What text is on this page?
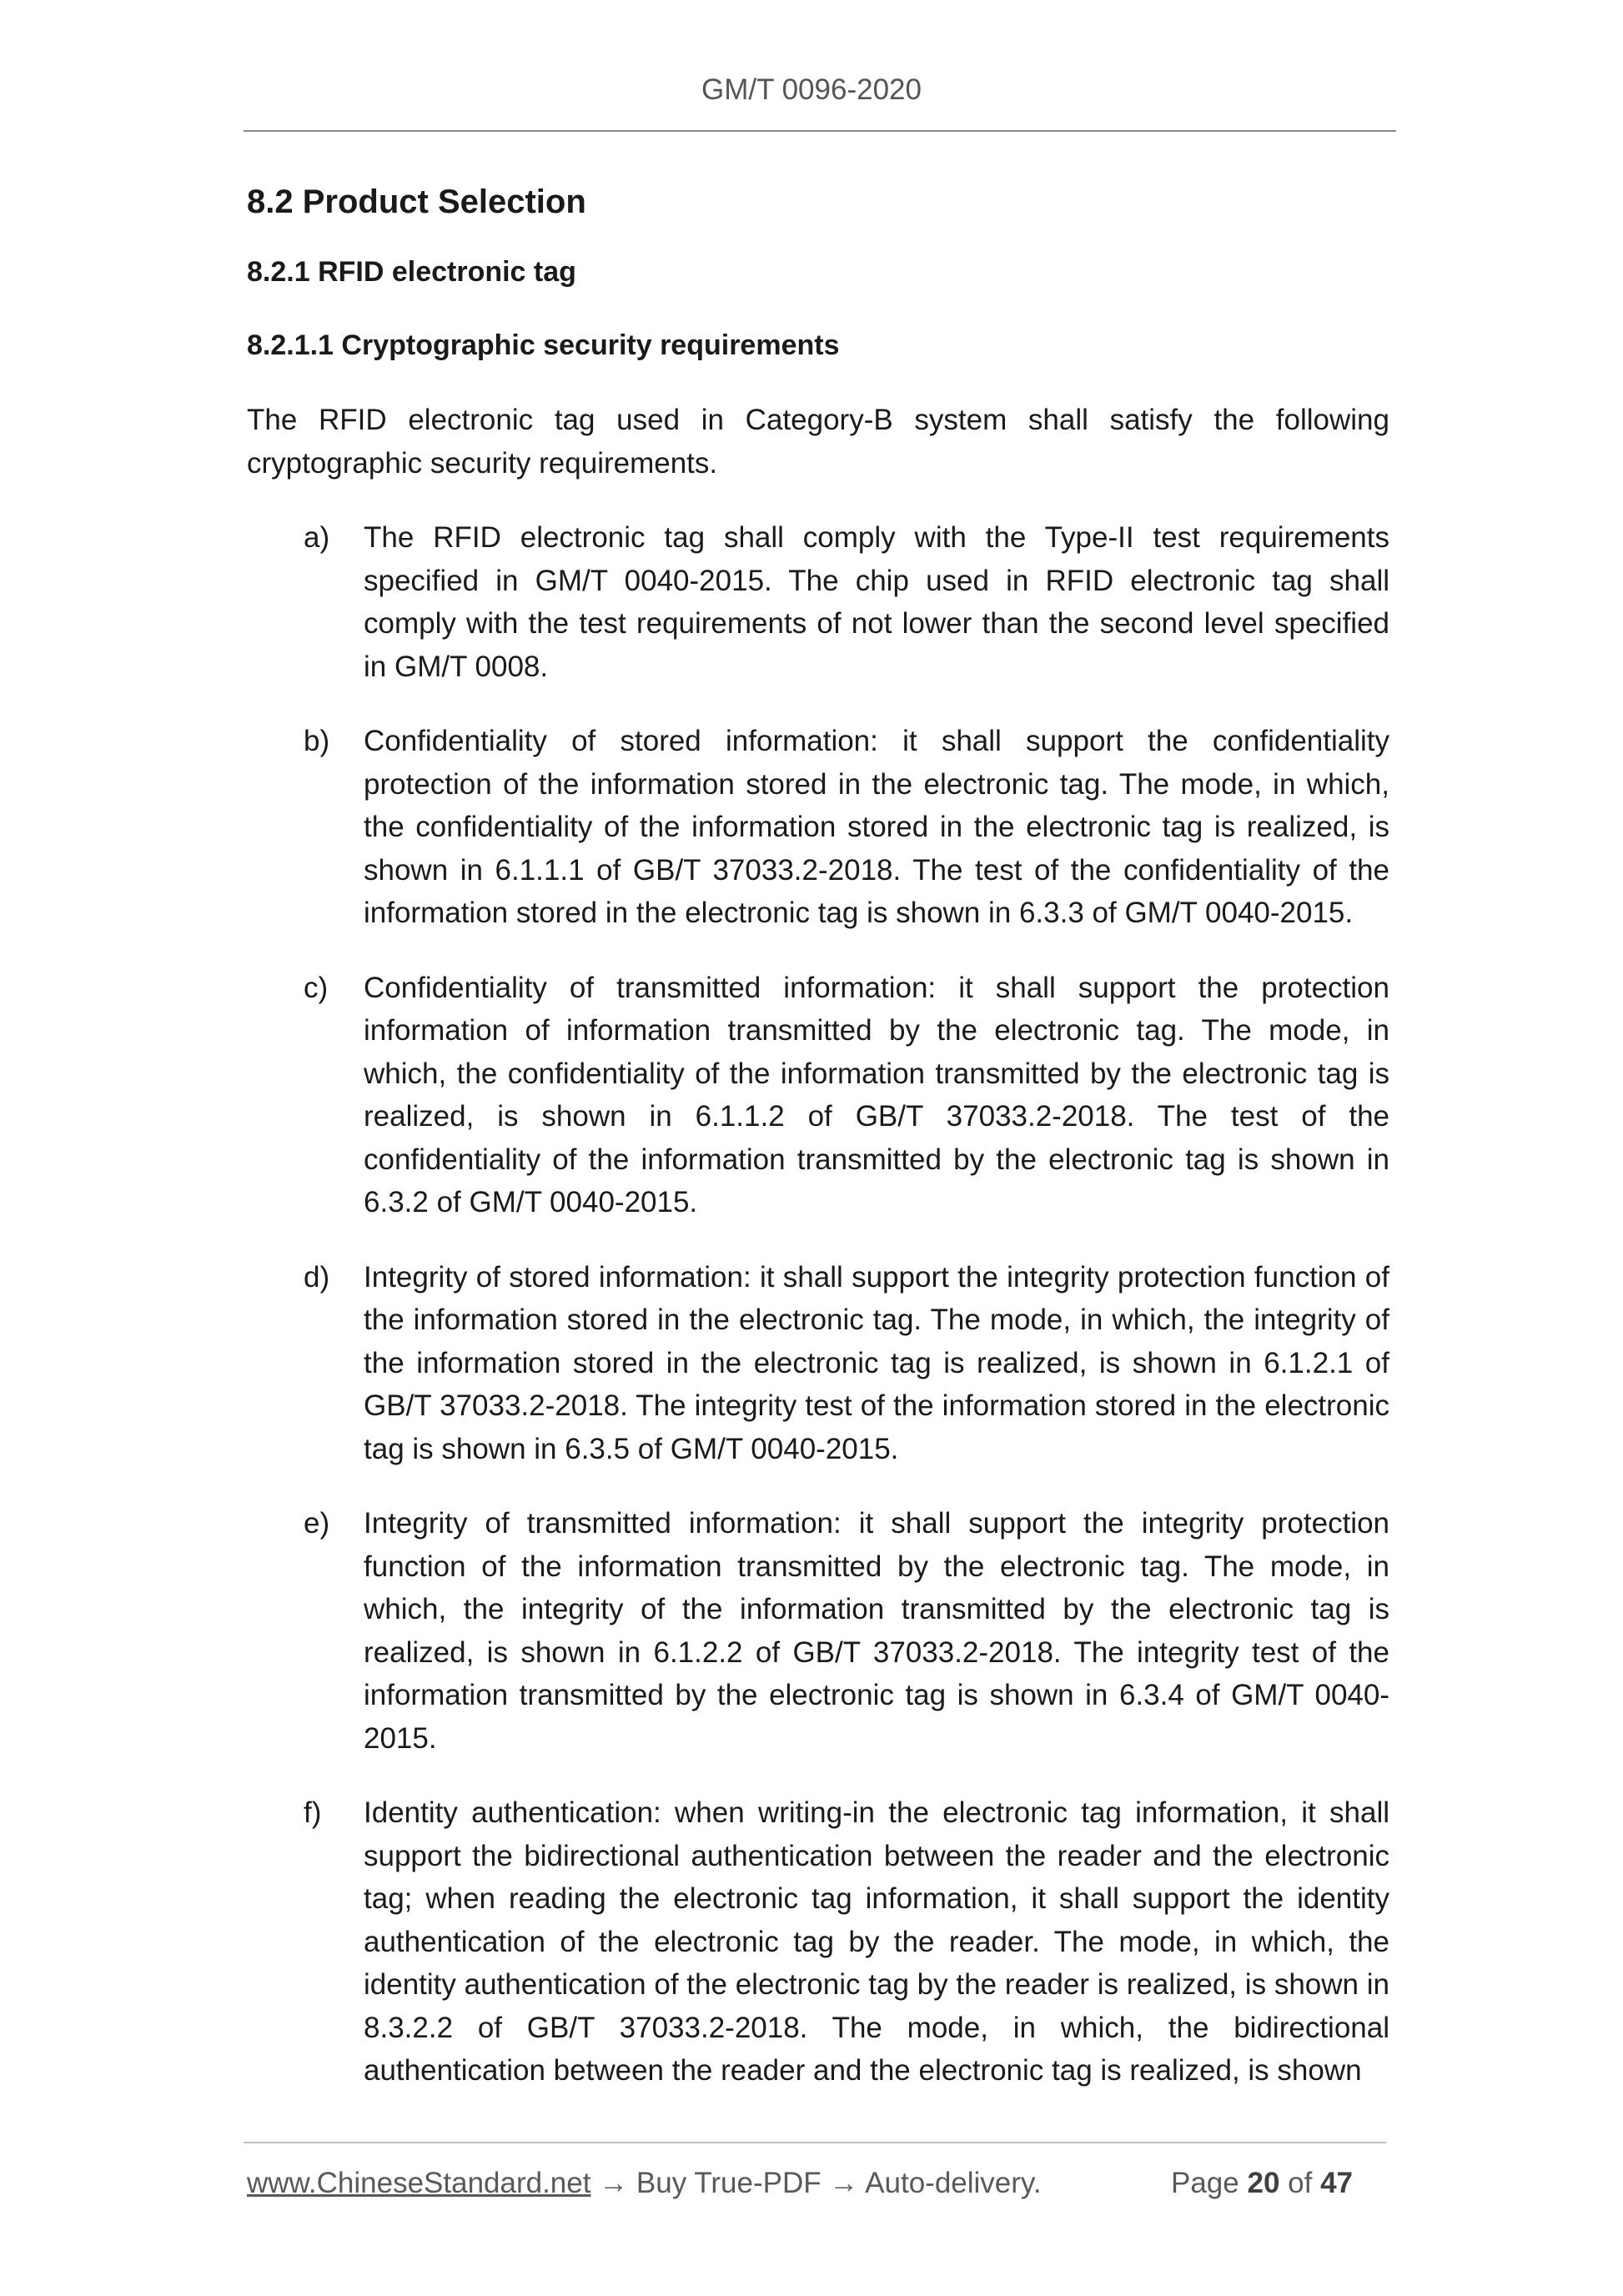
GM/T 0096-2020
8.2 Product Selection
8.2.1 RFID electronic tag
8.2.1.1 Cryptographic security requirements

The RFID electronic tag used in Category-B system shall satisfy the following cryptographic security requirements.

a) The RFID electronic tag shall comply with the Type-II test requirements specified in GM/T 0040-2015. The chip used in RFID electronic tag shall comply with the test requirements of not lower than the second level specified in GM/T 0008.
b) Confidentiality of stored information: it shall support the confidentiality protection of the information stored in the electronic tag. The mode, in which, the confidentiality of the information stored in the electronic tag is realized, is shown in 6.1.1.1 of GB/T 37033.2-2018. The test of the confidentiality of the information stored in the electronic tag is shown in 6.3.3 of GM/T 0040-2015.
c) Confidentiality of transmitted information: it shall support the protection information of information transmitted by the electronic tag. The mode, in which, the confidentiality of the information transmitted by the electronic tag is realized, is shown in 6.1.1.2 of GB/T 37033.2-2018. The test of the confidentiality of the information transmitted by the electronic tag is shown in 6.3.2 of GM/T 0040-2015.
d) Integrity of stored information: it shall support the integrity protection function of the information stored in the electronic tag. The mode, in which, the integrity of the information stored in the electronic tag is realized, is shown in 6.1.2.1 of GB/T 37033.2-2018. The integrity test of the information stored in the electronic tag is shown in 6.3.5 of GM/T 0040-2015.
e) Integrity of transmitted information: it shall support the integrity protection function of the information transmitted by the electronic tag. The mode, in which, the integrity of the information transmitted by the electronic tag is realized, is shown in 6.1.2.2 of GB/T 37033.2-2018. The integrity test of the information transmitted by the electronic tag is shown in 6.3.4 of GM/T 0040-2015.
f) Identity authentication: when writing-in the electronic tag information, it shall support the bidirectional authentication between the reader and the electronic tag; when reading the electronic tag information, it shall support the identity authentication of the electronic tag by the reader. The mode, in which, the identity authentication of the electronic tag by the reader is realized, is shown in 8.3.2.2 of GB/T 37033.2-2018. The mode, in which, the bidirectional authentication between the reader and the electronic tag is realized, is shown
www.ChineseStandard.net → Buy True-PDF → Auto-delivery.	Page 20 of 47
